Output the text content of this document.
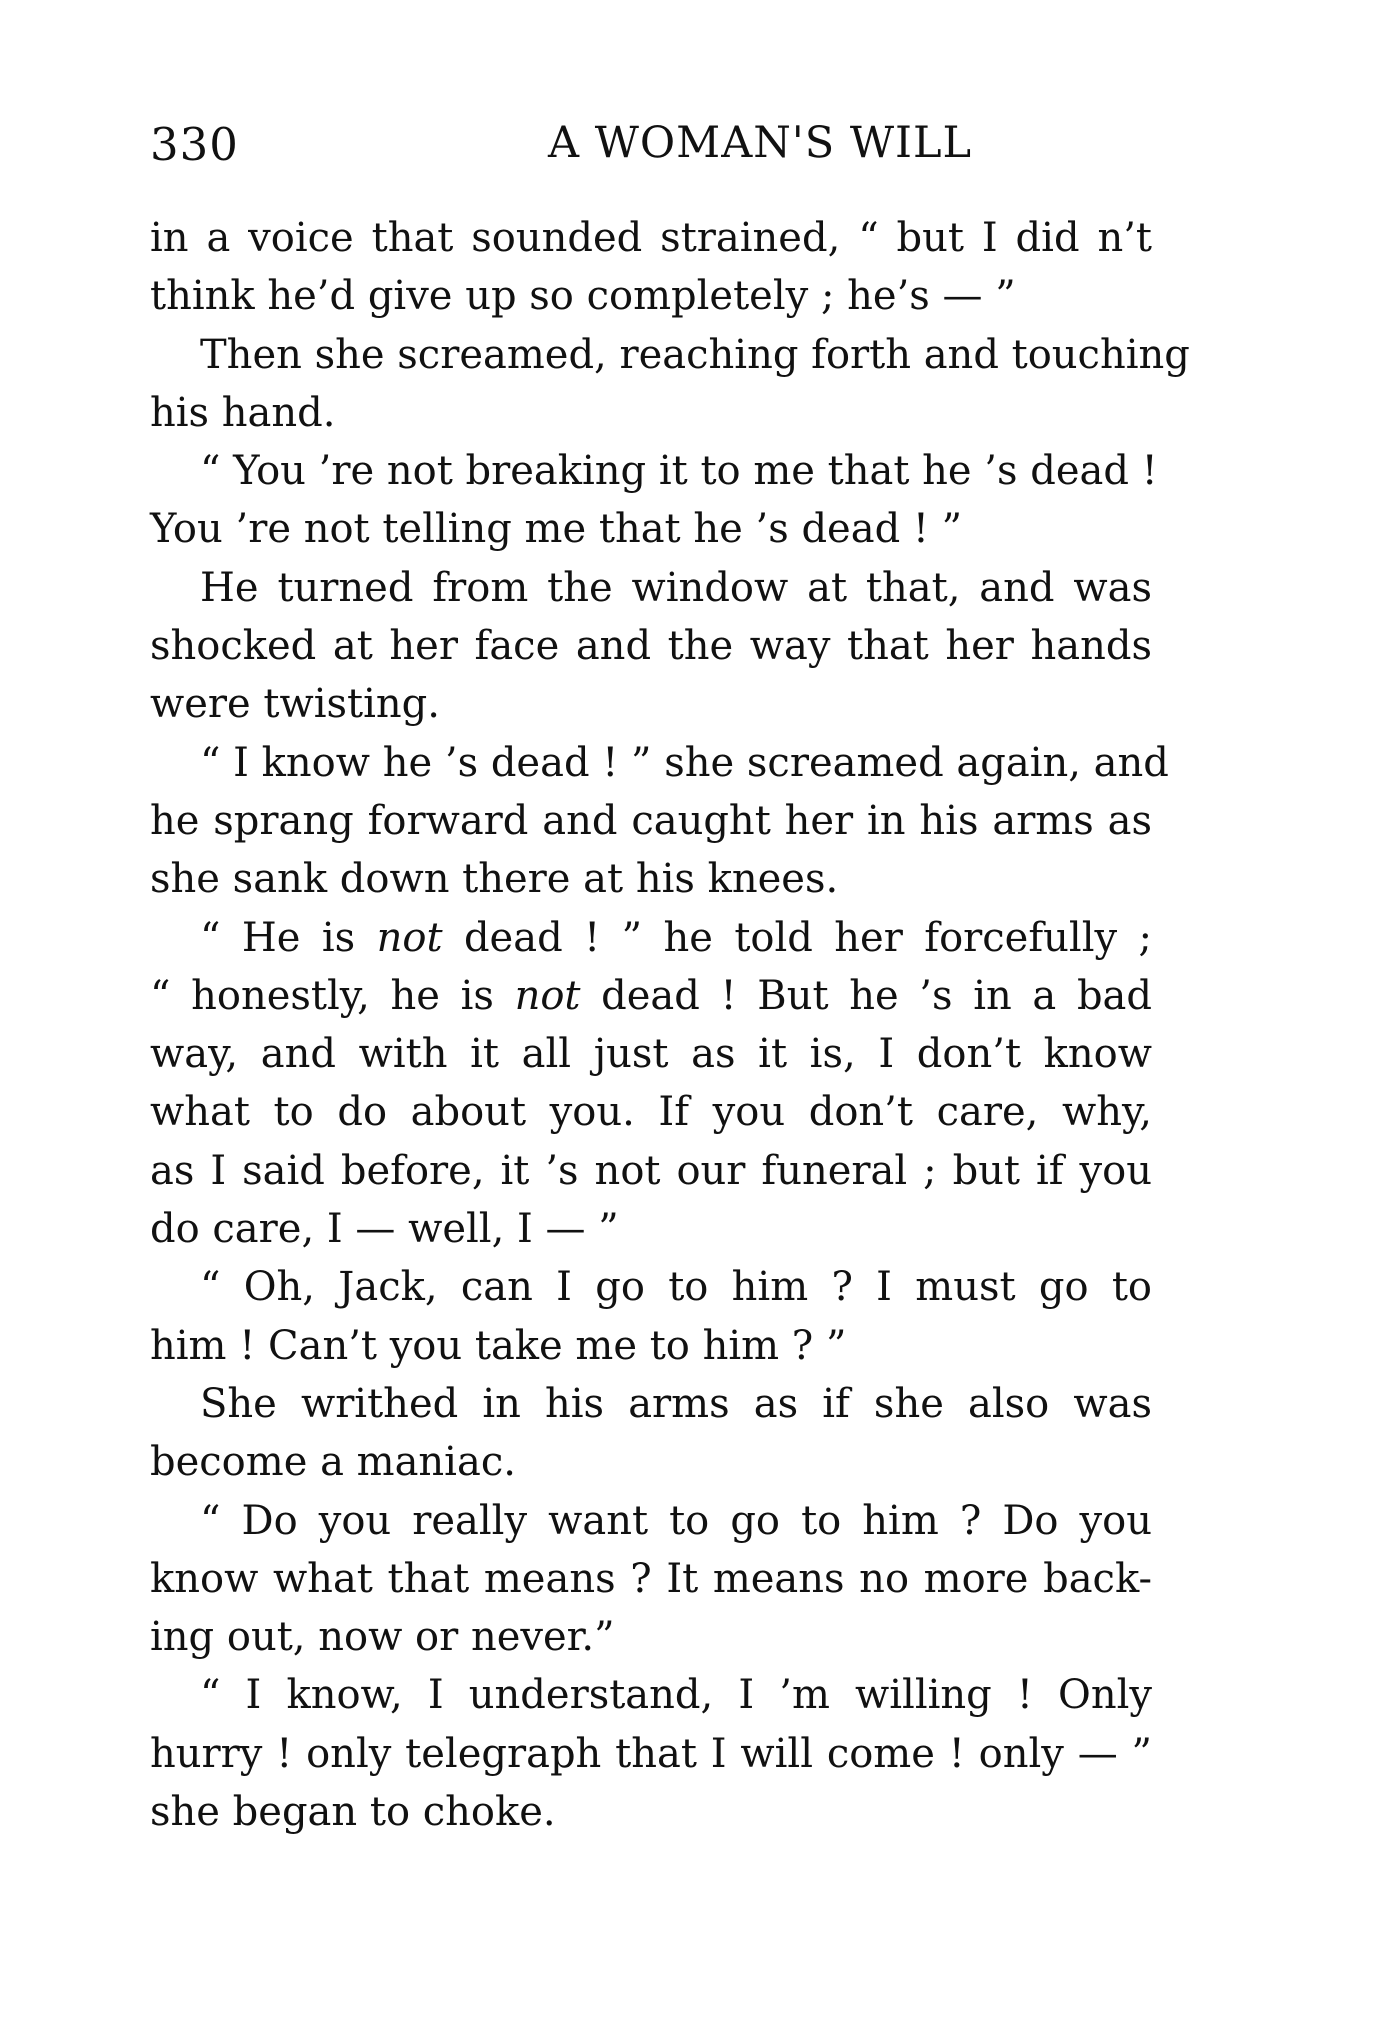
330	A WOMAN'S WILL
in a voice that sounded strained, “ but I did n’t
think he’d give up so completely ; he’s — ”
Then she screamed, reaching forth and touching
his hand.
“ You ’re not breaking it to me that he ’s dead !
You ’re not telling me that he ’s dead ! ”
He turned from the window at that, and was
shocked at her face and the way that her hands
were twisting.
“ I know he ’s dead ! ” she screamed again, and
he sprang forward and caught her in his arms as
she sank down there at his knees.
“ He is not dead ! ” he told her forcefully ;
“ honestly, he is not dead ! But he ’s in a bad
way, and with it all just as it is, I don’t know
what to do about you. If you don’t care, why,
as I said before, it ’s not our funeral ; but if you
do care, I — well, I — ”
“ Oh, Jack, can I go to him ? I must go to
him ! Can’t you take me to him ? ”
She writhed in his arms as if she also was
become a maniac.
“ Do you really want to go to him ? Do you
know what that means ? It means no more back-
ing out, now or never.”
“ I know, I understand, I ’m willing ! Only
hurry ! only telegraph that I will come ! only — ”
she began to choke.
